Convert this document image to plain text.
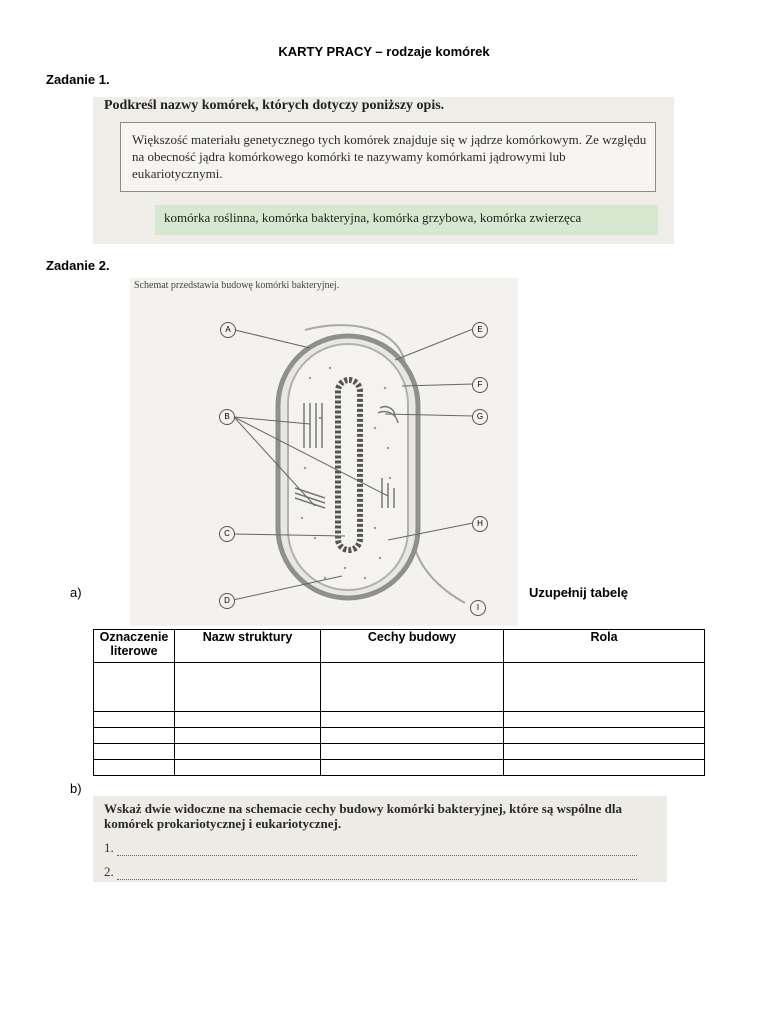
KARTY PRACY – rodzaje komórek
Zadanie 1.
Podkreśl nazwy komórek, których dotyczy poniższy opis.
Większość materiału genetycznego tych komórek znajduje się w jądrze komórkowym. Ze względu na obecność jądra komórkowego komórki te nazywamy komórkami jądrowymi lub eukariotycznymi.
komórka roślinna, komórka bakteryjna, komórka grzybowa, komórka zwierzęca
Zadanie 2.
Schemat przedstawia budowę komórki bakteryjnej.
A
B
C
D
E
F
G
H
I
a)	Uzupełnij tabelę
Oznaczenie literowe	Nazw struktury	Cechy budowy	Rola

b)
Wskaż dwie widoczne na schemacie cechy budowy komórki bakteryjnej, które są wspólne dla komórek prokariotycznej i eukariotycznej.
1.
2.
